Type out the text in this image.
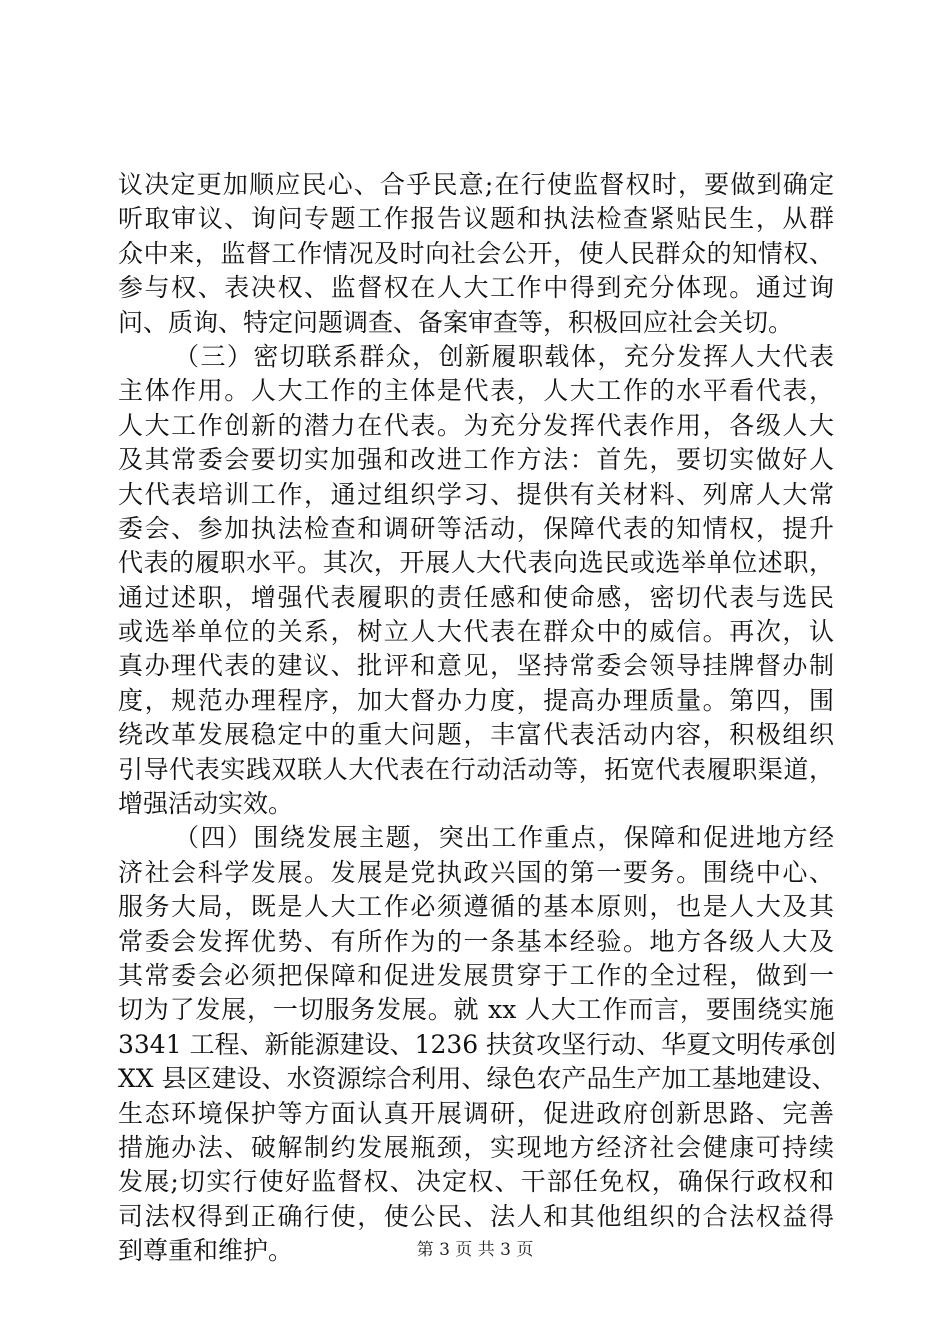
议决定更加顺应民心、合乎民意;在行使监督权时，要做到确定
听取审议、询问专题工作报告议题和执法检查紧贴民生，从群
众中来，监督工作情况及时向社会公开，使人民群众的知情权、
参与权、表决权、监督权在人大工作中得到充分体现。通过询
问、质询、特定问题调查、备案审查等，积极回应社会关切。
（三）密切联系群众，创新履职载体，充分发挥人大代表
主体作用。人大工作的主体是代表，人大工作的水平看代表，
人大工作创新的潜力在代表。为充分发挥代表作用，各级人大
及其常委会要切实加强和改进工作方法：首先，要切实做好人
大代表培训工作，通过组织学习、提供有关材料、列席人大常
委会、参加执法检查和调研等活动，保障代表的知情权，提升
代表的履职水平。其次，开展人大代表向选民或选举单位述职，
通过述职，增强代表履职的责任感和使命感，密切代表与选民
或选举单位的关系，树立人大代表在群众中的威信。再次，认
真办理代表的建议、批评和意见，坚持常委会领导挂牌督办制
度，规范办理程序，加大督办力度，提高办理质量。第四，围
绕改革发展稳定中的重大问题，丰富代表活动内容，积极组织
引导代表实践双联人大代表在行动活动等，拓宽代表履职渠道，
增强活动实效。
（四）围绕发展主题，突出工作重点，保障和促进地方经
济社会科学发展。发展是党执政兴国的第一要务。围绕中心、
服务大局，既是人大工作必须遵循的基本原则，也是人大及其
常委会发挥优势、有所作为的一条基本经验。地方各级人大及
其常委会必须把保障和促进发展贯穿于工作的全过程，做到一
切为了发展，一切服务发展。就 xx 人大工作而言，要围绕实施
3341 工程、新能源建设、1236 扶贫攻坚行动、华夏文明传承创
XX 县区建设、水资源综合利用、绿色农产品生产加工基地建设、
生态环境保护等方面认真开展调研，促进政府创新思路、完善
措施办法、破解制约发展瓶颈，实现地方经济社会健康可持续
发展;切实行使好监督权、决定权、干部任免权，确保行政权和
司法权得到正确行使，使公民、法人和其他组织的合法权益得
到尊重和维护。	第 3 页 共 3 页
